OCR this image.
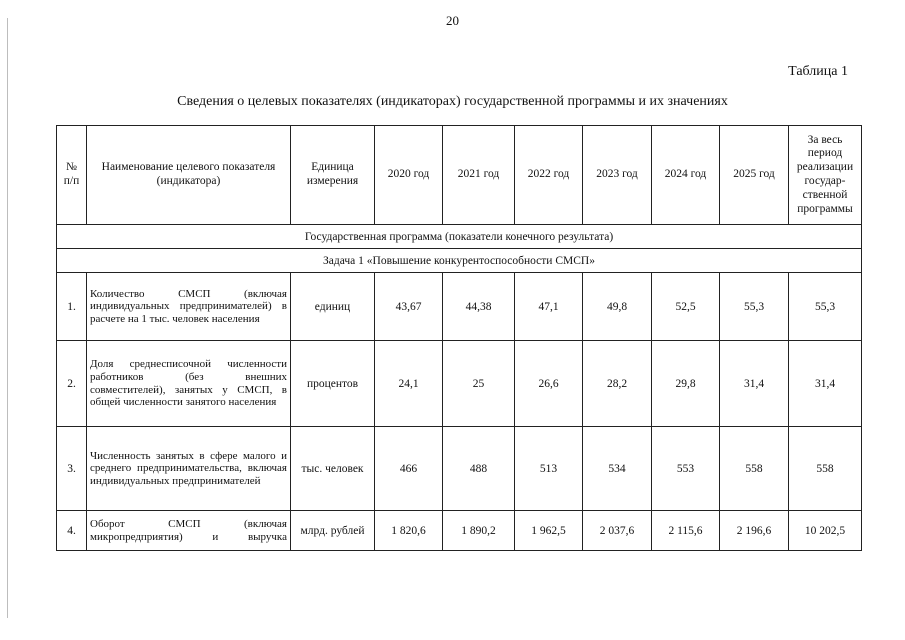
20
Таблица 1
Сведения о целевых показателях (индикаторах) государственной программы и их значениях
№ п/п	Наименование целевого показателя (индикатора)	Единица измерения	2020 год	2021 год	2022 год	2023 год	2024 год	2025 год	За весь период реализации государ-ственной программы
Государственная программа (показатели конечного результата)									
Задача 1 «Повышение конкурентоспособности СМСП»									
1.	Количество СМСП (включая индивидуальных предпринимателей) в расчете на 1 тыс. человек населения	единиц	43,67	44,38	47,1	49,8	52,5	55,3	55,3
2.	Доля среднесписочной численности работников (без внешних совместителей), занятых у СМСП, в общей численности занятого населения	процентов	24,1	25	26,6	28,2	29,8	31,4	31,4
3.	Численность занятых в сфере малого и среднего предпринимательства, включая индивидуальных предпринимателей	тыс. человек	466	488	513	534	553	558	558
4.	Оборот СМСП (включая микропредприятия) и выручка	млрд. рублей	1 820,6	1 890,2	1 962,5	2 037,6	2 115,6	2 196,6	10 202,5
